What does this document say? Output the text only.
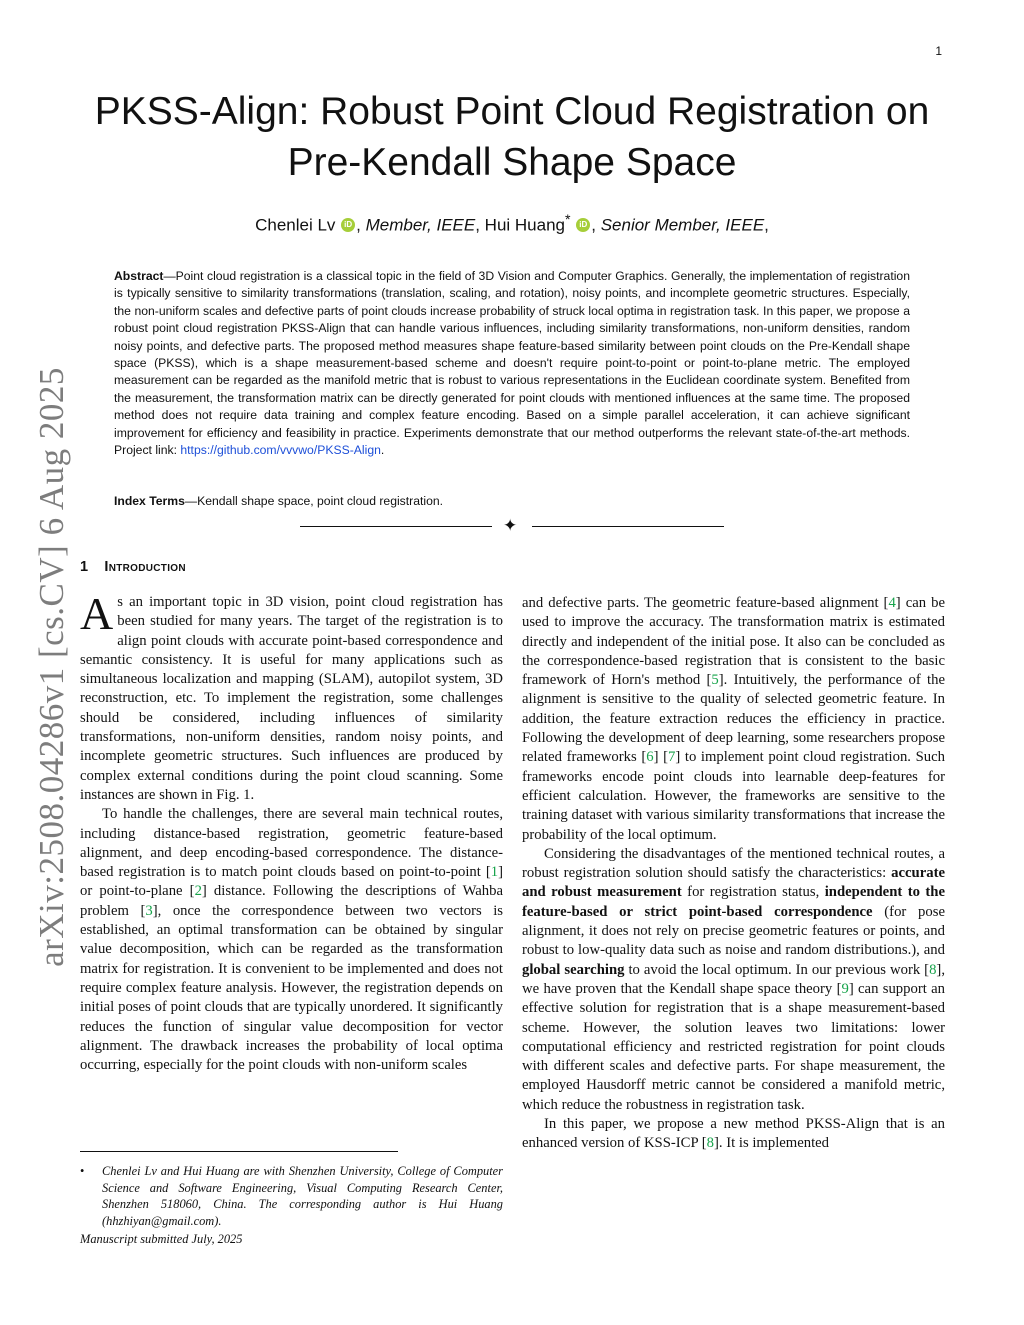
1
arXiv:2508.04286v1 [cs.CV] 6 Aug 2025
PKSS-Align: Robust Point Cloud Registration on
Pre-Kendall Shape Space
Chenlei Lv iD , Member, IEEE, Hui Huang* iD , Senior Member, IEEE,
Abstract—Point cloud registration is a classical topic in the field of 3D Vision and Computer Graphics. Generally, the implementation of registration is typically sensitive to similarity transformations (translation, scaling, and rotation), noisy points, and incomplete geometric structures. Especially, the non-uniform scales and defective parts of point clouds increase probability of struck local optima in registration task. In this paper, we propose a robust point cloud registration PKSS-Align that can handle various influences, including similarity transformations, non-uniform densities, random noisy points, and defective parts. The proposed method measures shape feature-based similarity between point clouds on the Pre-Kendall shape space (PKSS), which is a shape measurement-based scheme and doesn't require point-to-point or point-to-plane metric. The employed measurement can be regarded as the manifold metric that is robust to various representations in the Euclidean coordinate system. Benefited from the measurement, the transformation matrix can be directly generated for point clouds with mentioned influences at the same time. The proposed method does not require data training and complex feature encoding. Based on a simple parallel acceleration, it can achieve significant improvement for efficiency and feasibility in practice. Experiments demonstrate that our method outperforms the relevant state-of-the-art methods. Project link: https://github.com/vvvwo/PKSS-Align.
Index Terms—Kendall shape space, point cloud registration.
✦
1 Introduction

As an important topic in 3D vision, point cloud registration has been studied for many years. The target of the registration is to align point clouds with accurate point-based correspondence and semantic consistency. It is useful for many applications such as simultaneous localization and mapping (SLAM), autopilot system, 3D reconstruction, etc. To implement the registration, some challenges should be considered, including influences of similarity transformations, non-uniform densities, random noisy points, and incomplete geometric structures. Such influences are produced by complex external conditions during the point cloud scanning. Some instances are shown in Fig. 1.

To handle the challenges, there are several main technical routes, including distance-based registration, geometric feature-based alignment, and deep encoding-based correspondence. The distance-based registration is to match point clouds based on point-to-point [1] or point-to-plane [2] distance. Following the descriptions of Wahba problem [3], once the correspondence between two vectors is established, an optimal transformation can be obtained by singular value decomposition, which can be regarded as the transformation matrix for registration. It is convenient to be implemented and does not require complex feature analysis. However, the registration depends on initial poses of point clouds that are typically unordered. It significantly reduces the function of singular value decomposition for vector alignment. The drawback increases the probability of local optima occurring, especially for the point clouds with non-uniform scales

and defective parts. The geometric feature-based alignment [4] can be used to improve the accuracy. The transformation matrix is estimated directly and independent of the initial pose. It also can be concluded as the correspondence-based registration that is consistent to the basic framework of Horn's method [5]. Intuitively, the performance of the alignment is sensitive to the quality of selected geometric feature. In addition, the feature extraction reduces the efficiency in practice. Following the development of deep learning, some researchers propose related frameworks [6] [7] to implement point cloud registration. Such frameworks encode point clouds into learnable deep-features for efficient calculation. However, the frameworks are sensitive to the training dataset with various similarity transformations that increase the probability of the local optimum.

Considering the disadvantages of the mentioned technical routes, a robust registration solution should satisfy the characteristics: accurate and robust measurement for registration status, independent to the feature-based or strict point-based correspondence (for pose alignment, it does not rely on precise geometric features or points, and robust to low-quality data such as noise and random distributions.), and global searching to avoid the local optimum. In our previous work [8], we have proven that the Kendall shape space theory [9] can support an effective solution for registration that is a shape measurement-based scheme. However, the solution leaves two limitations: lower computational efficiency and restricted registration for point clouds with different scales and defective parts. For shape measurement, the employed Hausdorff metric cannot be considered a manifold metric, which reduce the robustness in registration task.

In this paper, we propose a new method PKSS-Align that is an enhanced version of KSS-ICP [8]. It is implemented

• Chenlei Lv and Hui Huang are with Shenzhen University, College of Computer Science and Software Engineering, Visual Computing Research Center, Shenzhen 518060, China. The corresponding author is Hui Huang (hhzhiyan@gmail.com).
Manuscript submitted July, 2025
